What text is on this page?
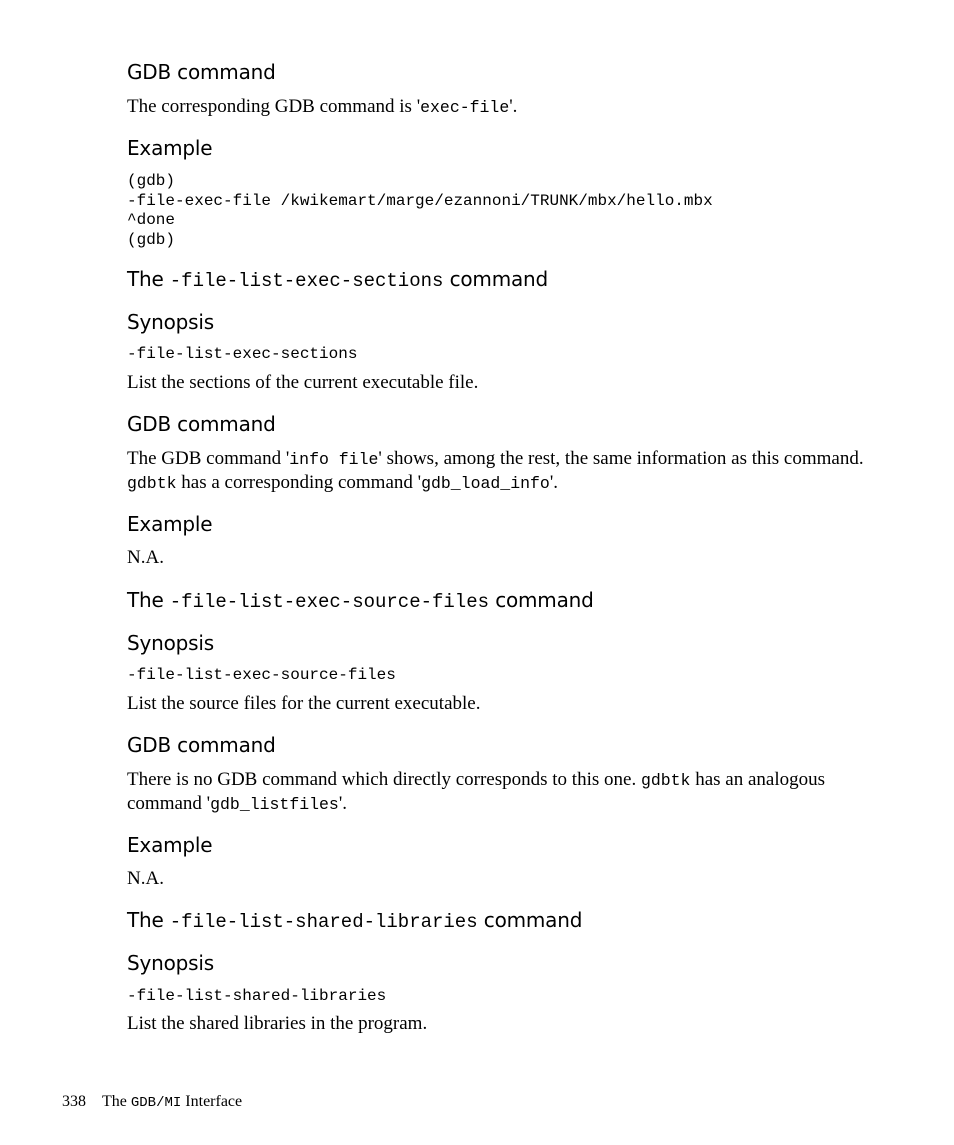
GDB command

The corresponding GDB command is 'exec-file'.

Example
(gdb)
-file-exec-file /kwikemart/marge/ezannoni/TRUNK/mbx/hello.mbx
^done
(gdb)
The -file-list-exec-sections command
Synopsis
-file-list-exec-sections

List the sections of the current executable file.

GDB command

The GDB command 'info file' shows, among the rest, the same information as this command. gdbtk has a corresponding command 'gdb_load_info'.

Example

N.A.

The -file-list-exec-source-files command
Synopsis
-file-list-exec-source-files

List the source files for the current executable.

GDB command

There is no GDB command which directly corresponds to this one. gdbtk has an analogous command 'gdb_listfiles'.

Example

N.A.

The -file-list-shared-libraries command
Synopsis
-file-list-shared-libraries

List the shared libraries in the program.

338 The GDB/MI Interface
